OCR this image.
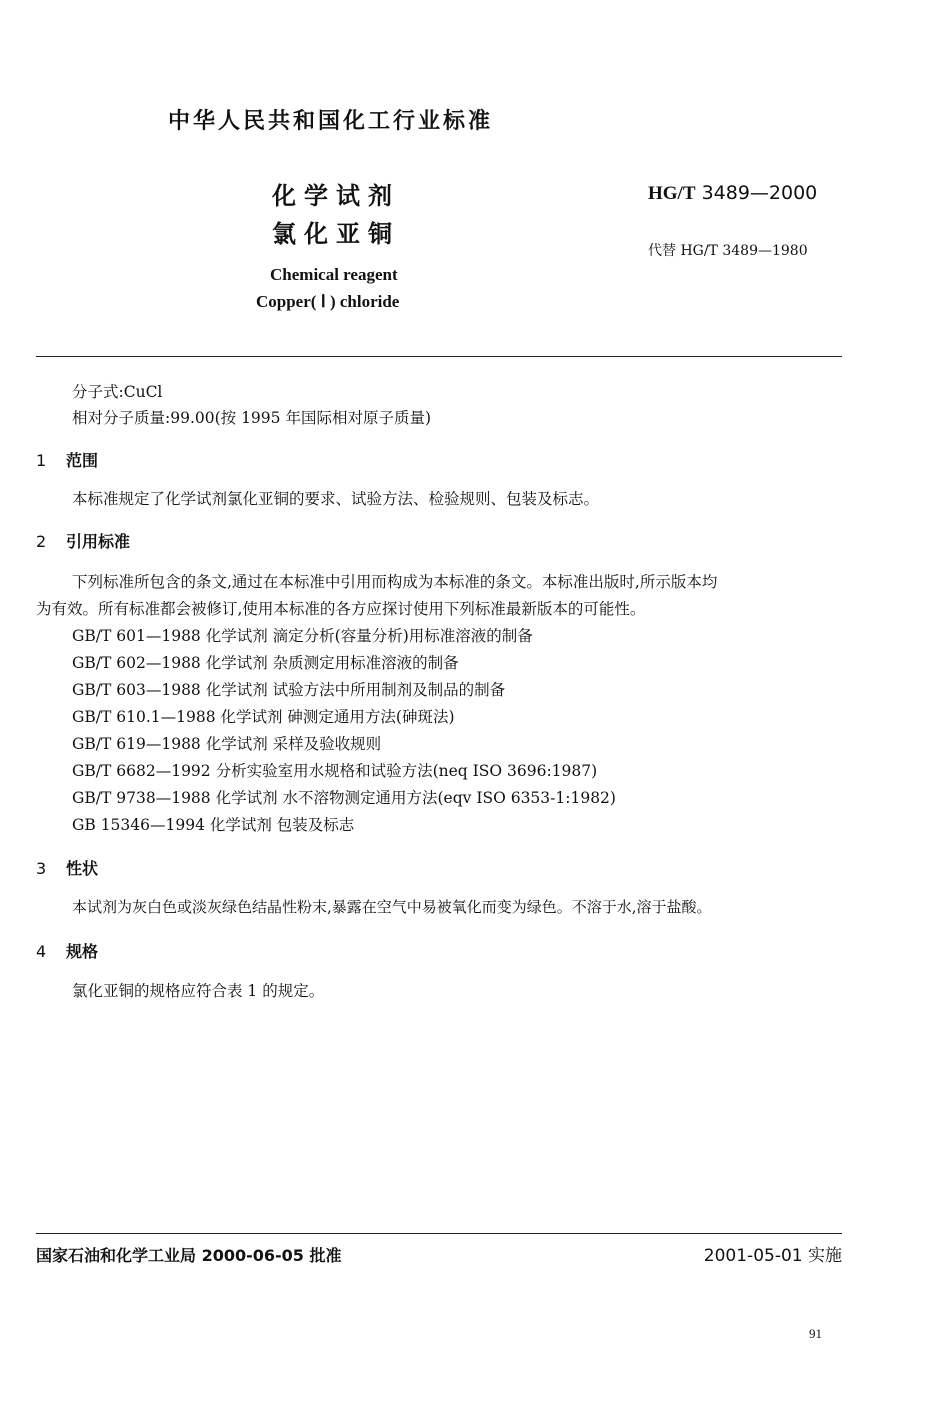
中华人民共和国化工行业标准
化学试剂
氯化亚铜
HG/T 3489—2000
代替 HG/T 3489—1980
Chemical reagent
Copper( Ⅰ ) chloride
分子式:CuCl
相对分子质量:99.00(按 1995 年国际相对原子质量)
1 范围
本标准规定了化学试剂氯化亚铜的要求、试验方法、检验规则、包装及标志。
2 引用标准
下列标准所包含的条文,通过在本标准中引用而构成为本标准的条文。本标准出版时,所示版本均
为有效。所有标准都会被修订,使用本标准的各方应探讨使用下列标准最新版本的可能性。
GB/T 601—1988 化学试剂 滴定分析(容量分析)用标准溶液的制备
GB/T 602—1988 化学试剂 杂质测定用标准溶液的制备
GB/T 603—1988 化学试剂 试验方法中所用制剂及制品的制备
GB/T 610.1—1988 化学试剂 砷测定通用方法(砷斑法)
GB/T 619—1988 化学试剂 采样及验收规则
GB/T 6682—1992 分析实验室用水规格和试验方法(neq ISO 3696:1987)
GB/T 9738—1988 化学试剂 水不溶物测定通用方法(eqv ISO 6353-1:1982)
GB 15346—1994 化学试剂 包装及标志
3 性状
本试剂为灰白色或淡灰绿色结晶性粉末,暴露在空气中易被氧化而变为绿色。不溶于水,溶于盐酸。
4 规格
氯化亚铜的规格应符合表 1 的规定。
国家石油和化学工业局 2000-06-05 批准	2001-05-01 实施
91
